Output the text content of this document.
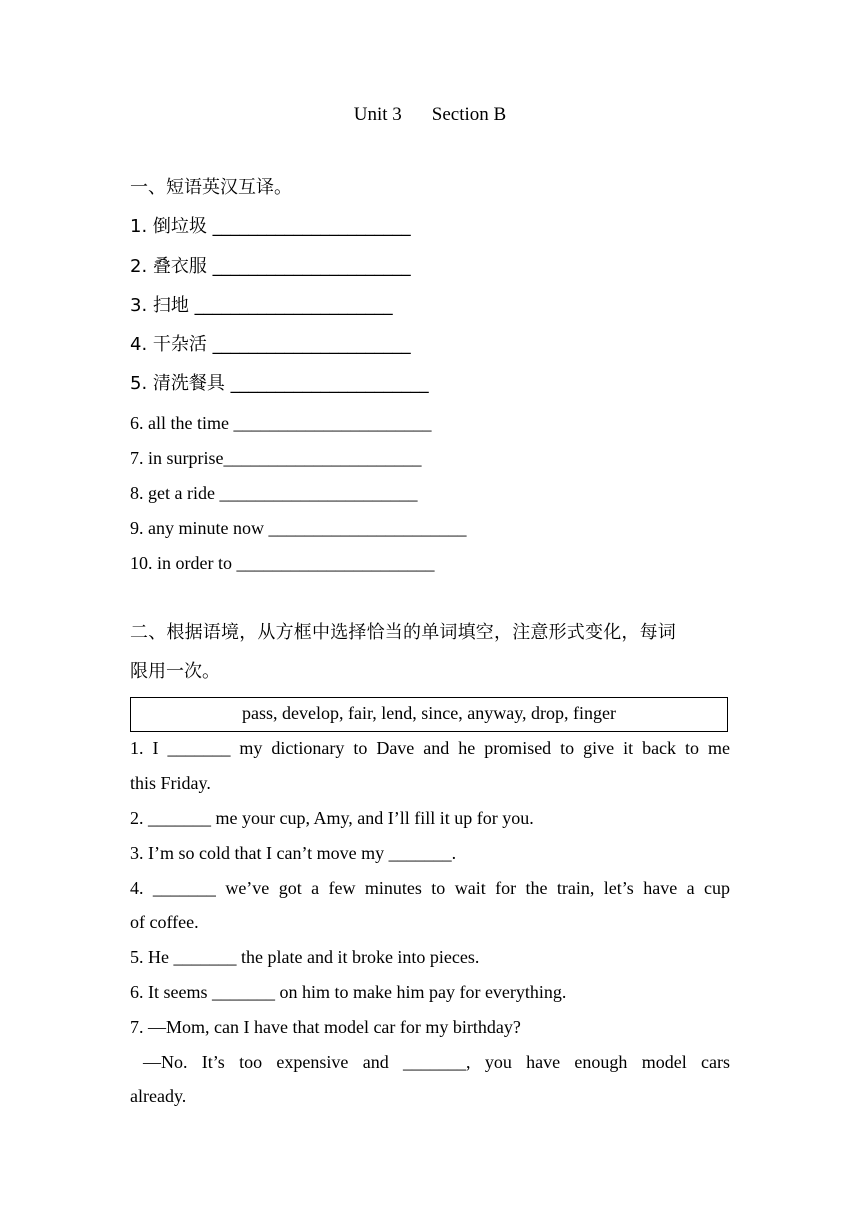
Unit 3 Section B
一、短语英汉互译。
1. 倒垃圾 ______________________
2. 叠衣服 ______________________
3. 扫地 ______________________
4. 干杂活 ______________________
5. 清洗餐具 ______________________
6. all the time ______________________
7. in surprise______________________
8. get a ride ______________________
9. any minute now ______________________
10. in order to ______________________
二、根据语境，从方框中选择恰当的单词填空，注意形式变化，每词
限用一次。
pass, develop, fair, lend, since, anyway, drop, finger
1. I _______ my dictionary to Dave and he promised to give it back to me
this Friday.
2. _______ me your cup, Amy, and I’ll fill it up for you.
3. I’m so cold that I can’t move my _______.
4. _______ we’ve got a few minutes to wait for the train, let’s have a cup
of coffee.
5. He _______ the plate and it broke into pieces.
6. It seems _______ on him to make him pay for everything.
7. —Mom, can I have that model car for my birthday?
—No. It’s too expensive and _______, you have enough model cars
already.
